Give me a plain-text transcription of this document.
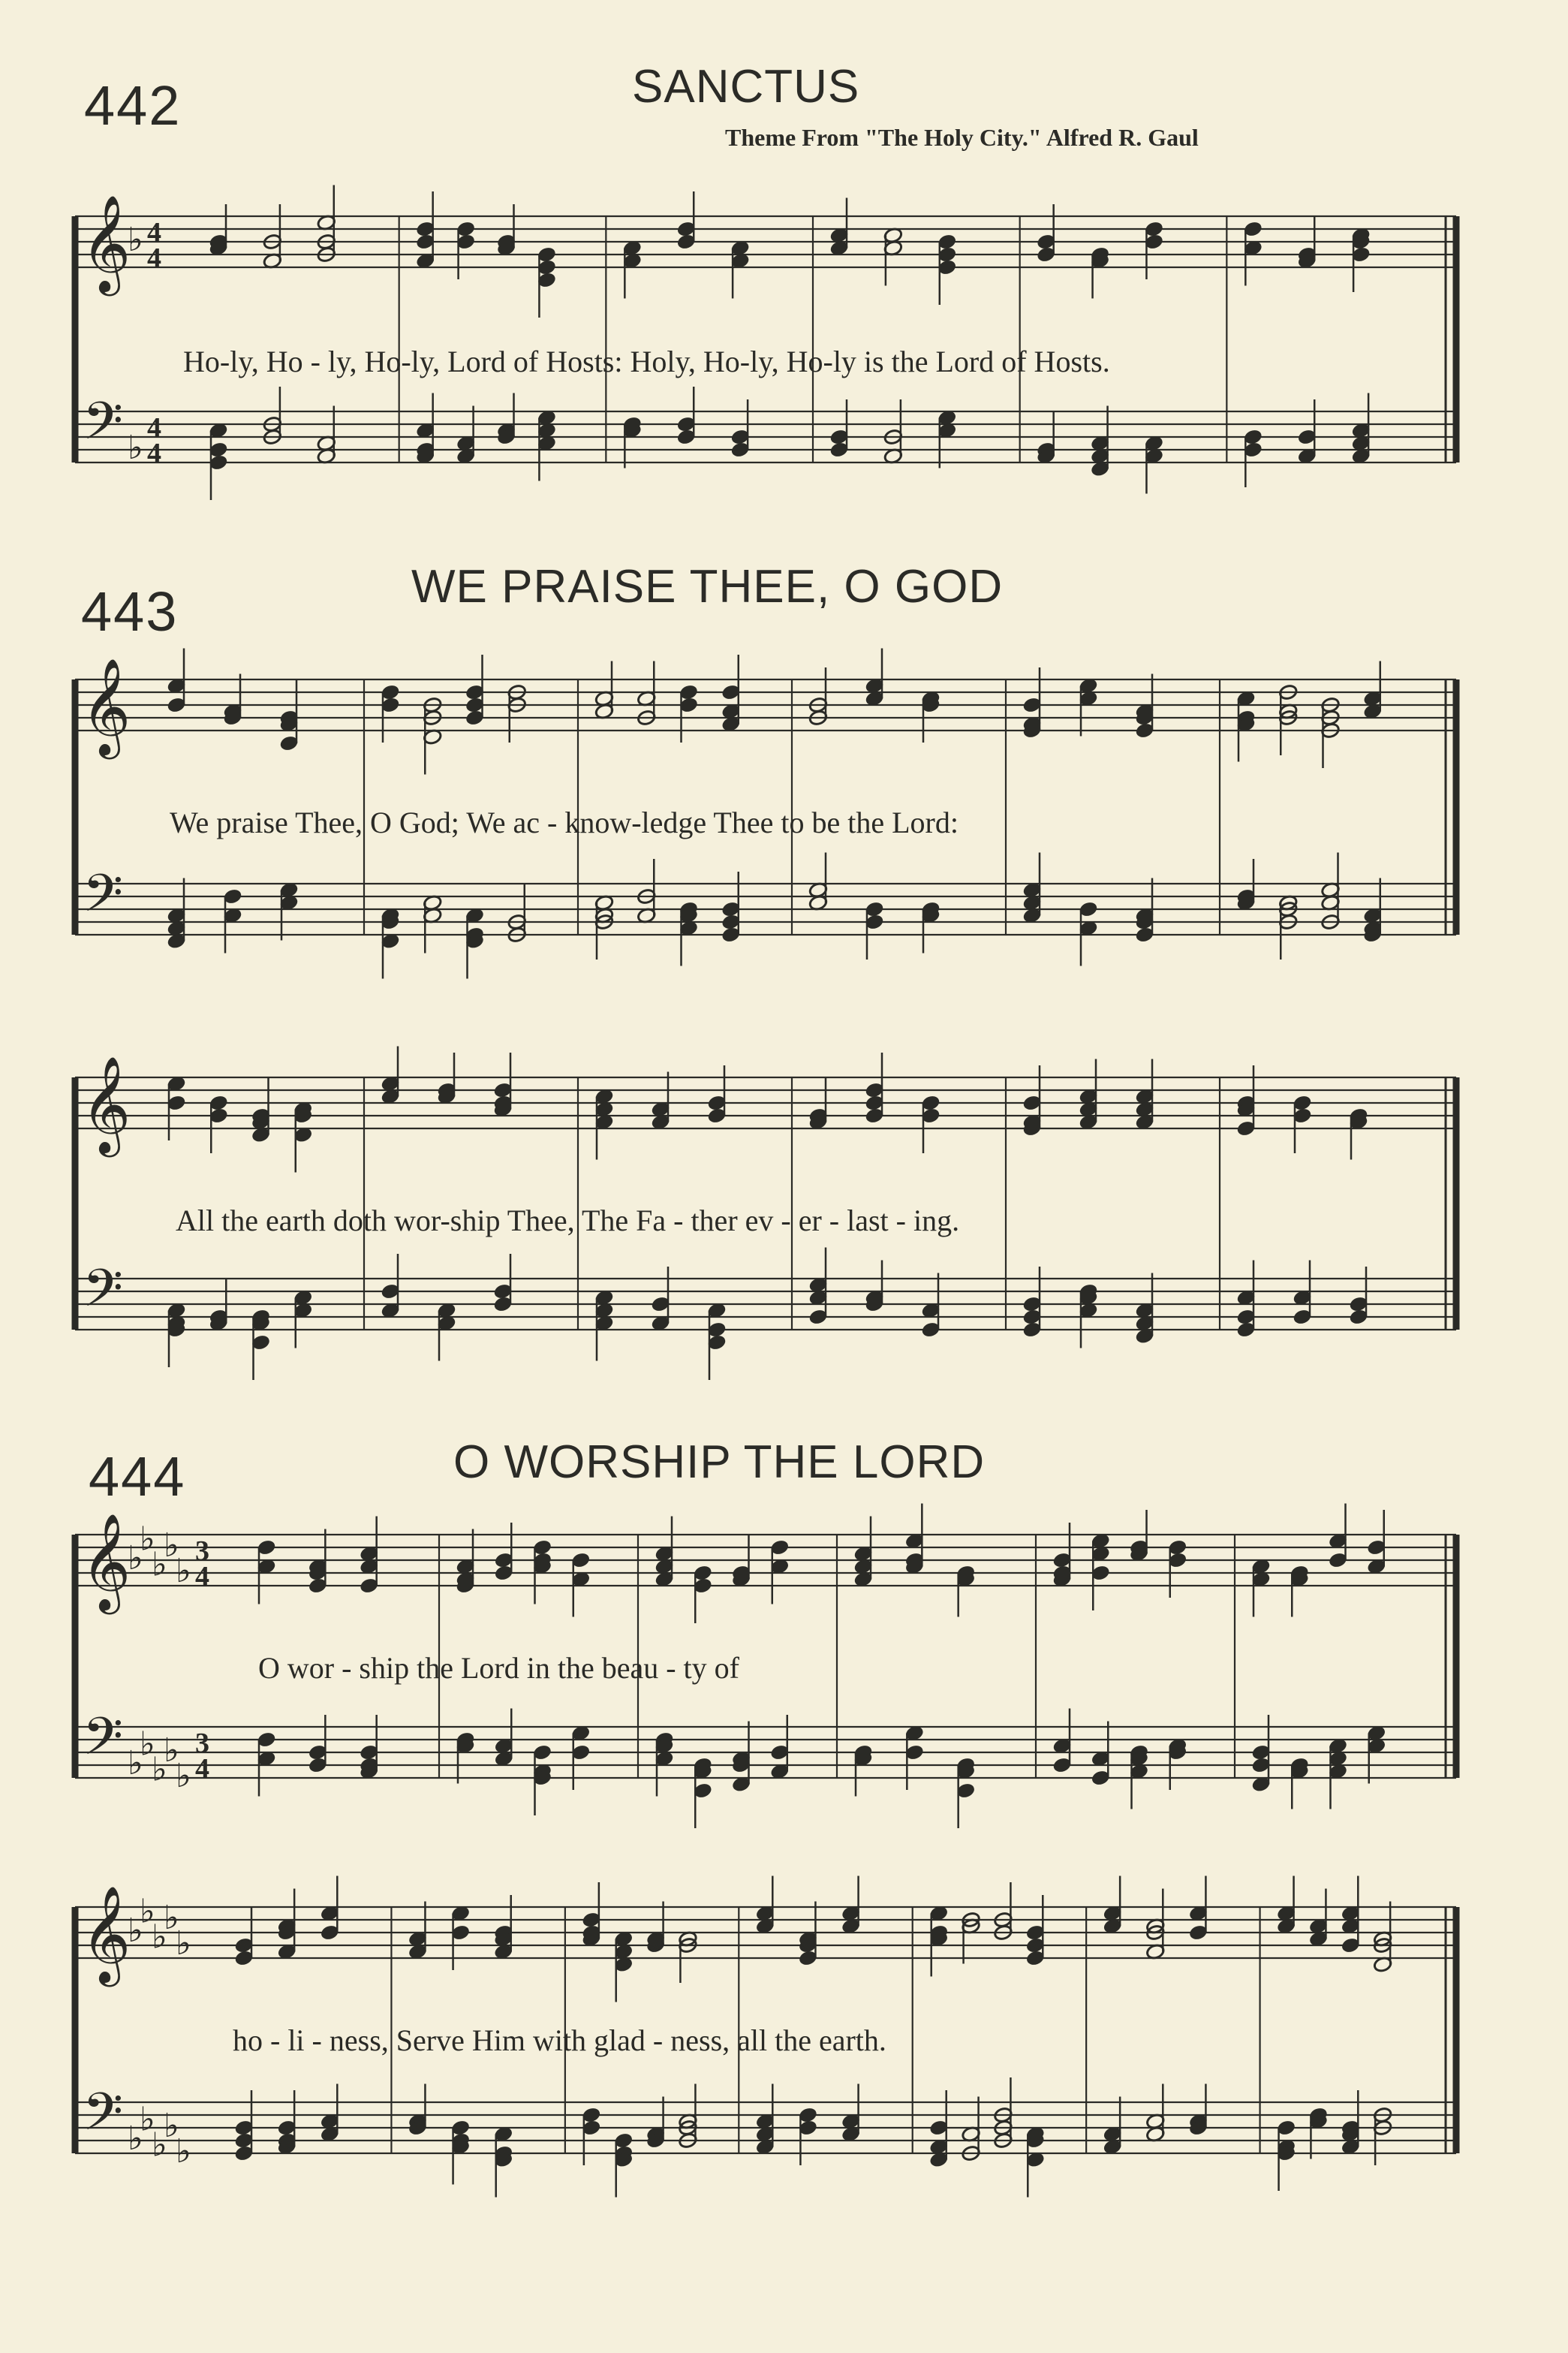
442	SANCTUS
Theme From "The Holy City." Alfred R. Gaul
Ho-ly, Ho - ly, Ho-ly, Lord of Hosts: Holy, Ho-ly, Ho-ly is the Lord of Hosts.
443	WE PRAISE THEE, O GOD
We praise Thee, O God; We ac - know-ledge Thee to be the Lord:
All the earth doth wor-ship Thee, The Fa - ther ev - er - last - ing.
444	O WORSHIP THE LORD
O wor - ship the Lord in the beau - ty of
ho - li - ness, Serve Him with glad - ness, all the earth.
𝄞
𝄢
♭
♭
4
4
4
4
𝄞
𝄢
𝄞
𝄢
𝄞
𝄢
♭
♭
♭
♭
♭
♭
♭
♭
♭
♭
3
4
3
4
𝄞
𝄢
♭
♭
♭
♭
♭
♭
♭
♭
♭
♭
